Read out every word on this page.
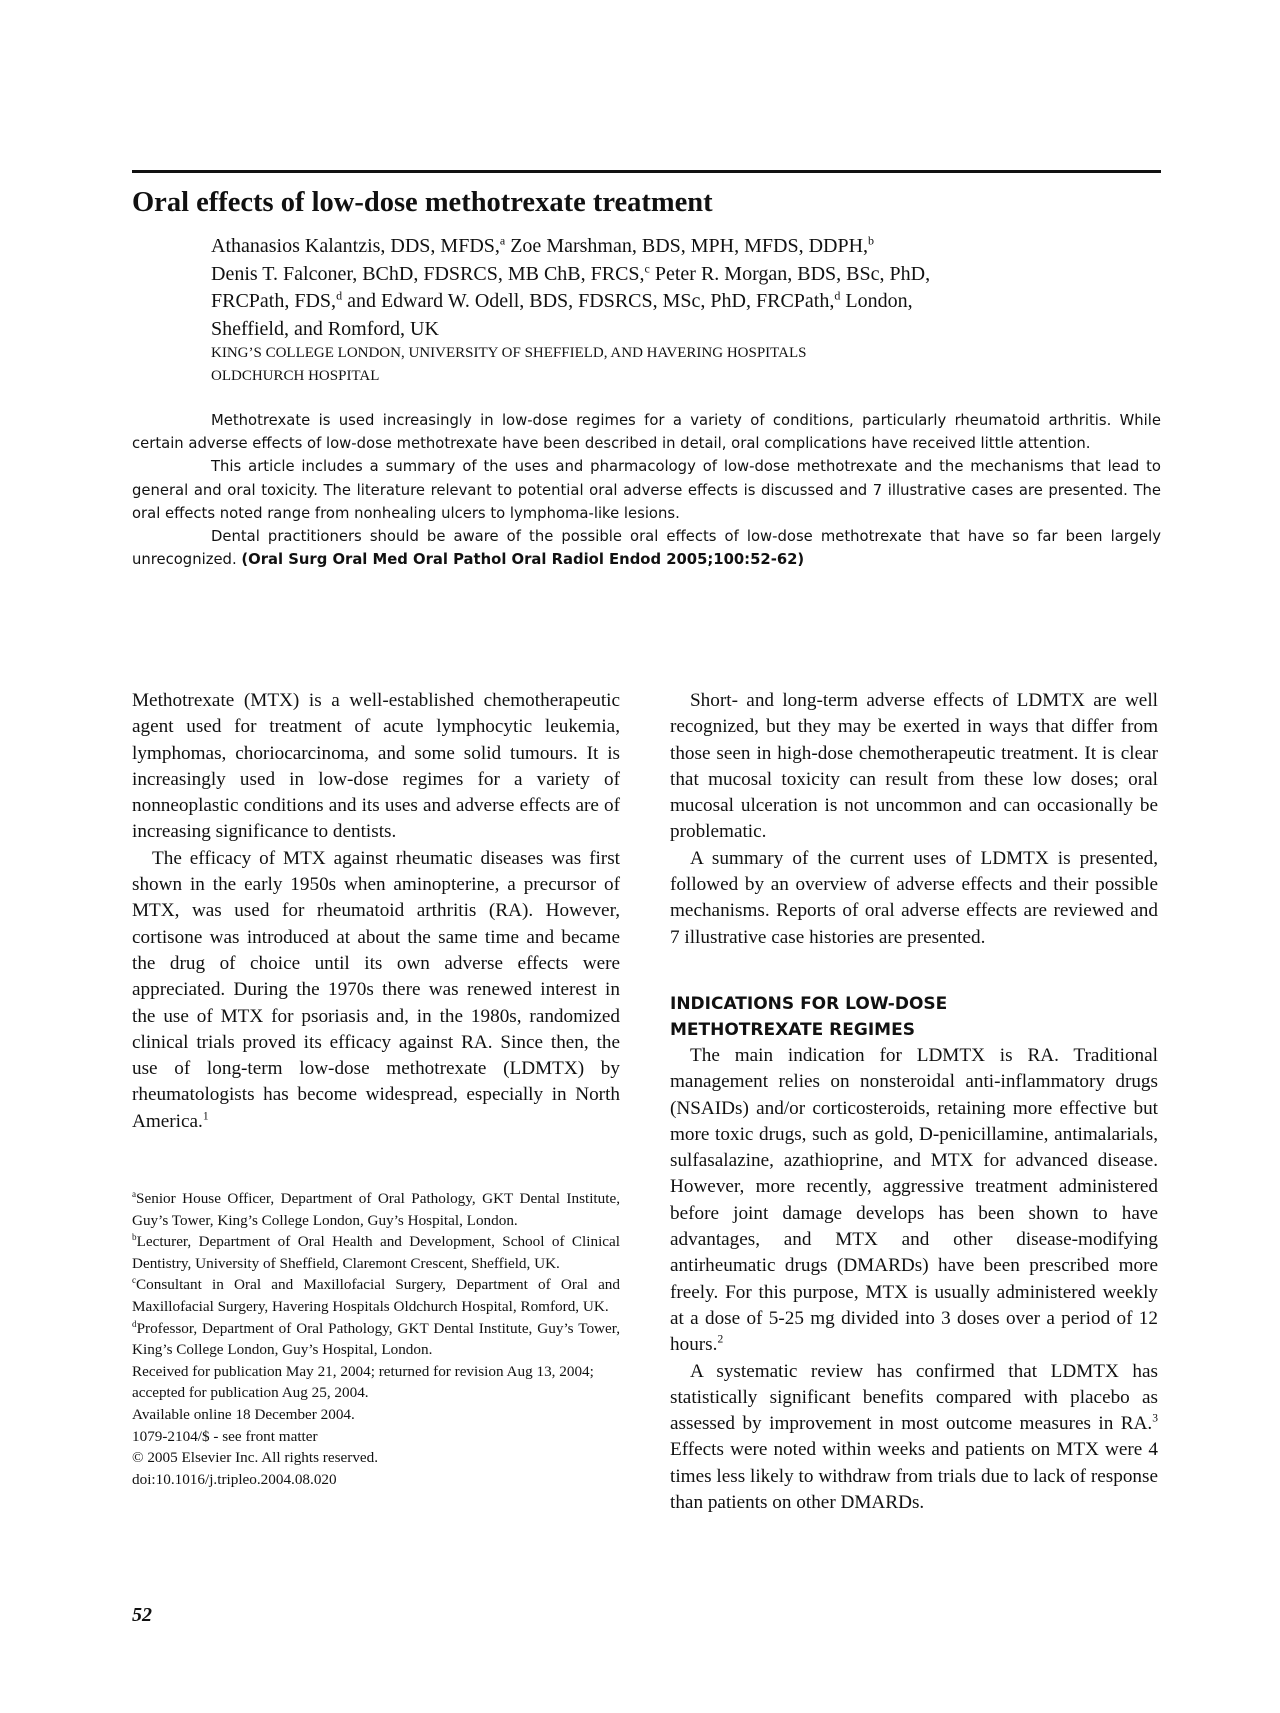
Oral effects of low-dose methotrexate treatment
Athanasios Kalantzis, DDS, MFDS,$^a$ Zoe Marshman, BDS, MPH, MFDS, DDPH,$^b$
Denis T. Falconer, BChD, FDSRCS, MB ChB, FRCS,$^c$ Peter R. Morgan, BDS, BSc, PhD,
FRCPath, FDS,$^d$ and Edward W. Odell, BDS, FDSRCS, MSc, PhD, FRCPath,$^d$ London,
Sheffield, and Romford, UK
KING’S COLLEGE LONDON, UNIVERSITY OF SHEFFIELD, AND HAVERING HOSPITALS
OLDCHURCH HOSPITAL

Methotrexate is used increasingly in low-dose regimes for a variety of conditions, particularly rheumatoid arthritis. While certain adverse effects of low-dose methotrexate have been described in detail, oral complications have received little attention.

This article includes a summary of the uses and pharmacology of low-dose methotrexate and the mechanisms that lead to general and oral toxicity. The literature relevant to potential oral adverse effects is discussed and 7 illustrative cases are presented. The oral effects noted range from nonhealing ulcers to lymphoma-like lesions.

Dental practitioners should be aware of the possible oral effects of low-dose methotrexate that have so far been largely unrecognized. (Oral Surg Oral Med Oral Pathol Oral Radiol Endod 2005;100:52-62)

Methotrexate (MTX) is a well-established chemotherapeutic agent used for treatment of acute lymphocytic leukemia, lymphomas, choriocarcinoma, and some solid tumours. It is increasingly used in low-dose regimes for a variety of nonneoplastic conditions and its uses and adverse effects are of increasing significance to dentists.

The efficacy of MTX against rheumatic diseases was first shown in the early 1950s when aminopterine, a precursor of MTX, was used for rheumatoid arthritis (RA). However, cortisone was introduced at about the same time and became the drug of choice until its own adverse effects were appreciated. During the 1970s there was renewed interest in the use of MTX for psoriasis and, in the 1980s, randomized clinical trials proved its efficacy against RA. Since then, the use of long-term low-dose methotrexate (LDMTX) by rheumatologists has become widespread, especially in North America.$^1$

$^a$Senior House Officer, Department of Oral Pathology, GKT Dental Institute, Guy’s Tower, King’s College London, Guy’s Hospital, London.

$^b$Lecturer, Department of Oral Health and Development, School of Clinical Dentistry, University of Sheffield, Claremont Crescent, Sheffield, UK.

$^c$Consultant in Oral and Maxillofacial Surgery, Department of Oral and Maxillofacial Surgery, Havering Hospitals Oldchurch Hospital, Romford, UK.

$^d$Professor, Department of Oral Pathology, GKT Dental Institute, Guy’s Tower, King’s College London, Guy’s Hospital, London.

Received for publication May 21, 2004; returned for revision Aug 13, 2004; accepted for publication Aug 25, 2004.

Available online 18 December 2004.

1079-2104/$ - see front matter

© 2005 Elsevier Inc. All rights reserved.

doi:10.1016/j.tripleo.2004.08.020

Short- and long-term adverse effects of LDMTX are well recognized, but they may be exerted in ways that differ from those seen in high-dose chemotherapeutic treatment. It is clear that mucosal toxicity can result from these low doses; oral mucosal ulceration is not uncommon and can occasionally be problematic.

A summary of the current uses of LDMTX is presented, followed by an overview of adverse effects and their possible mechanisms. Reports of oral adverse effects are reviewed and 7 illustrative case histories are presented.

INDICATIONS FOR LOW-DOSE
METHOTREXATE REGIMES

The main indication for LDMTX is RA. Traditional management relies on nonsteroidal anti-inflammatory drugs (NSAIDs) and/or corticosteroids, retaining more effective but more toxic drugs, such as gold, D-penicillamine, antimalarials, sulfasalazine, azathioprine, and MTX for advanced disease. However, more recently, aggressive treatment administered before joint damage develops has been shown to have advantages, and MTX and other disease-modifying antirheumatic drugs (DMARDs) have been prescribed more freely. For this purpose, MTX is usually administered weekly at a dose of 5-25 mg divided into 3 doses over a period of 12 hours.$^2$

A systematic review has confirmed that LDMTX has statistically significant benefits compared with placebo as assessed by improvement in most outcome measures in RA.$^3$ Effects were noted within weeks and patients on MTX were 4 times less likely to withdraw from trials due to lack of response than patients on other DMARDs.

52
